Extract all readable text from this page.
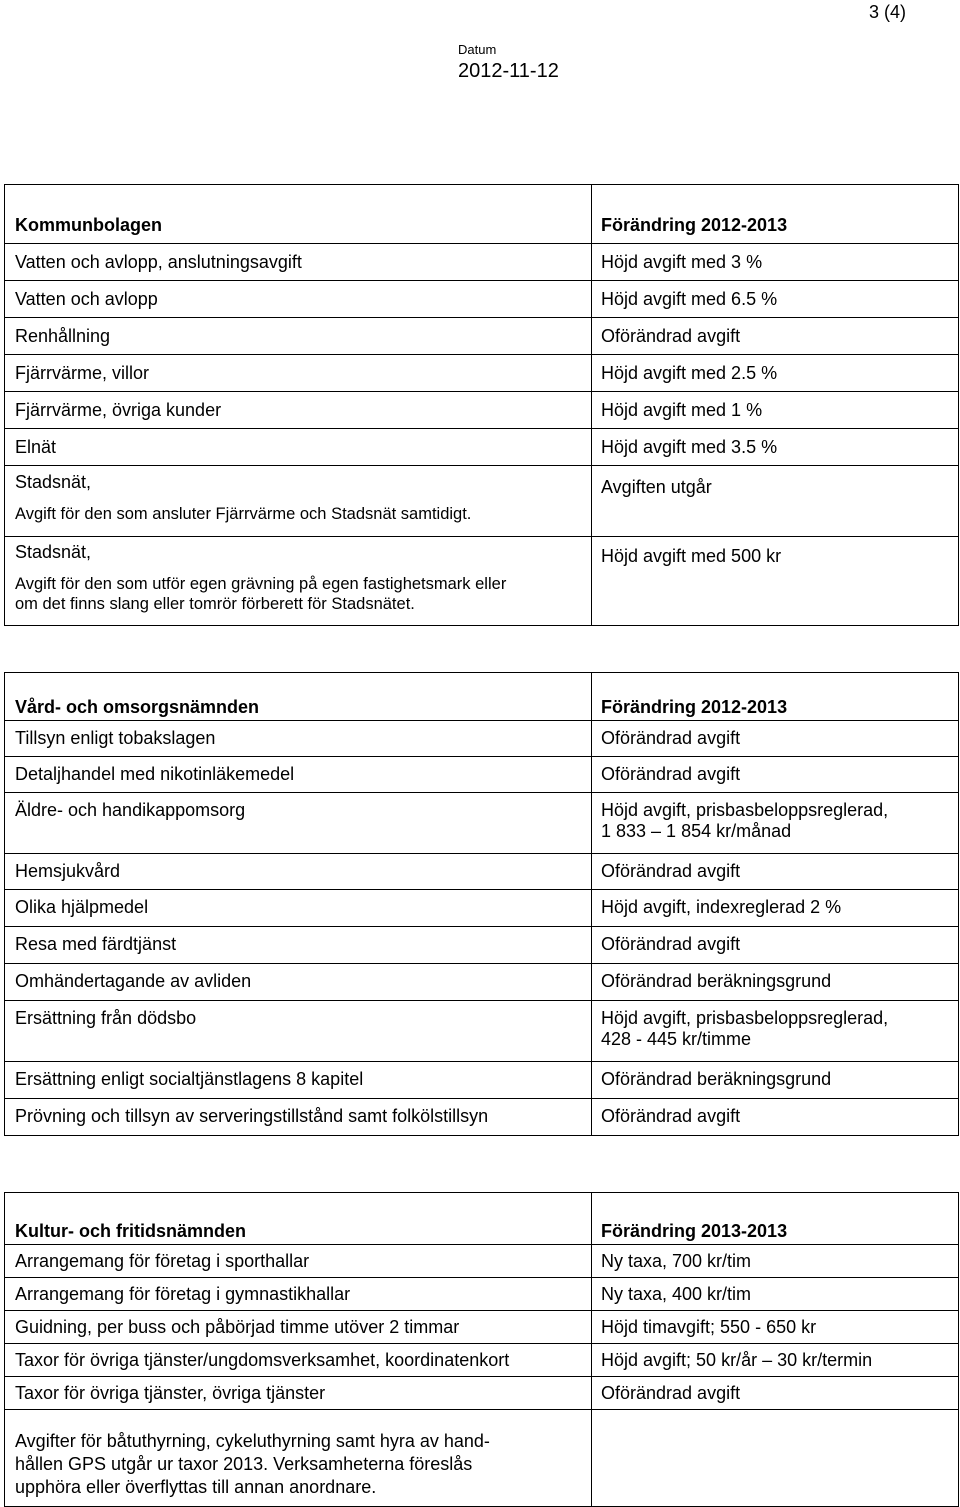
3 (4)
Datum
2012-11-12

Kommunbolagen	Förändring 2012-2013
Vatten och avlopp, anslutningsavgift	Höjd avgift med 3 %
Vatten och avlopp	Höjd avgift med 6.5 %
Renhållning	Oförändrad avgift
Fjärrvärme, villor	Höjd avgift med 2.5 %
Fjärrvärme, övriga kunder	Höjd avgift med 1 %
Elnät	Höjd avgift med 3.5 %

Stadsnät,
Avgift för den som ansluter Fjärrvärme och Stadsnät samtidigt.	Avgiften utgår

Stadsnät,
Avgift för den som utför egen grävning på egen fastighetsmark eller
om det finns slang eller tomrör förberett för Stadsnätet.	Höjd avgift med 500 kr
Vård- och omsorgsnämnden	Förändring 2012-2013
Tillsyn enligt tobakslagen	Oförändrad avgift
Detaljhandel med nikotinläkemedel	Oförändrad avgift
Äldre- och handikappomsorg	Höjd avgift, prisbasbeloppsreglerad,
1 833 – 1 854 kr/månad

Hemsjukvård	Oförändrad avgift
Olika hjälpmedel	Höjd avgift, indexreglerad 2 %
Resa med färdtjänst	Oförändrad avgift
Omhändertagande av avliden	Oförändrad beräkningsgrund
Ersättning från dödsbo	Höjd avgift, prisbasbeloppsreglerad,
428 - 445 kr/timme

Ersättning enligt socialtjänstlagens 8 kapitel	Oförändrad beräkningsgrund
Prövning och tillsyn av serveringstillstånd samt folkölstillsyn	Oförändrad avgift
Kultur- och fritidsnämnden	Förändring 2013-2013
Arrangemang för företag i sporthallar	Ny taxa, 700 kr/tim
Arrangemang för företag i gymnastikhallar	Ny taxa, 400 kr/tim
Guidning, per buss och påbörjad timme utöver 2 timmar	Höjd timavgift; 550 - 650 kr
Taxor för övriga tjänster/ungdomsverksamhet, koordinatenkort	Höjd avgift; 50 kr/år – 30 kr/termin
Taxor för övriga tjänster, övriga tjänster	Oförändrad avgift

Avgifter för båtuthyrning, cykeluthyrning samt hyra av hand-
hållen GPS utgår ur taxor 2013. Verksamheterna föreslås
upphöra eller överflyttas till annan anordnare.	
